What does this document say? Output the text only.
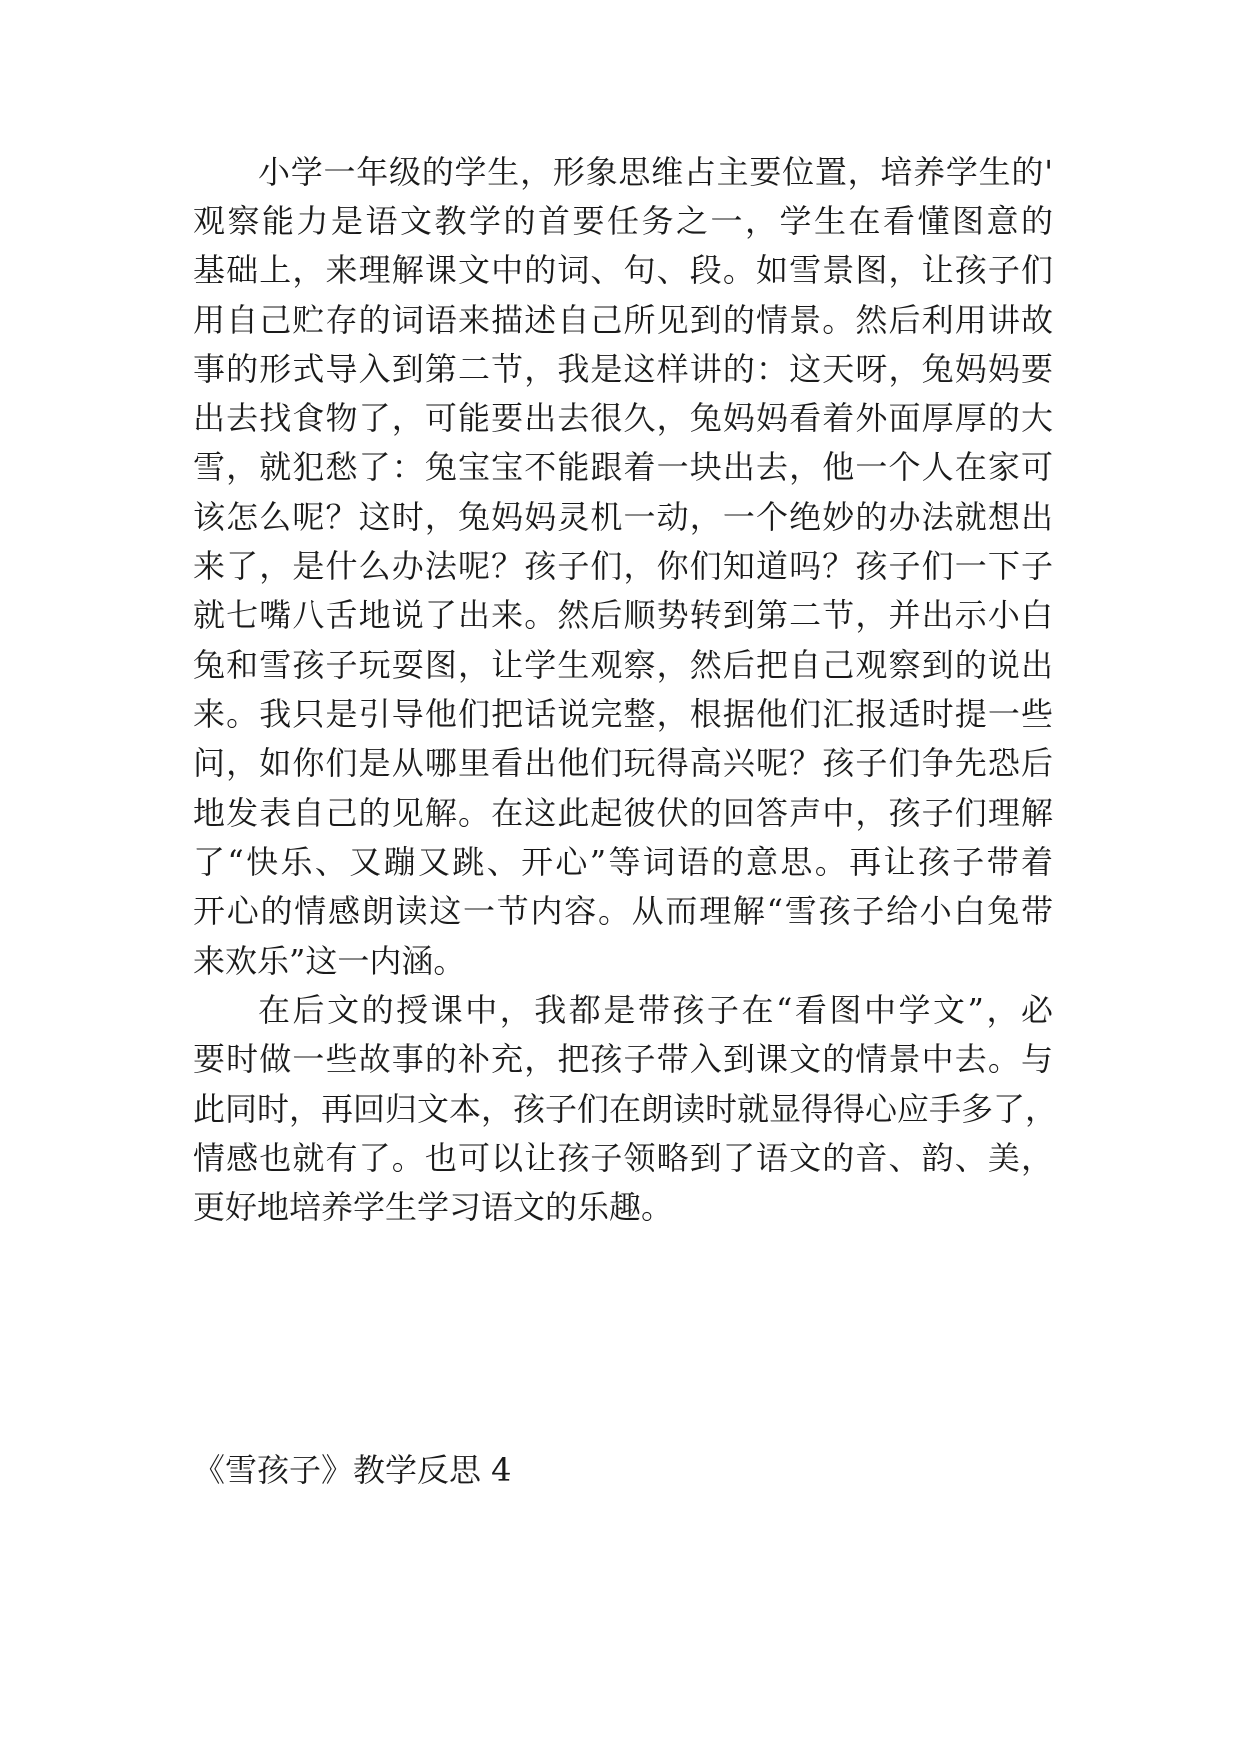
小学一年级的学生，形象思维占主要位置，培养学生的'
观察能力是语文教学的首要任务之一，学生在看懂图意的
基础上，来理解课文中的词、句、段。如雪景图，让孩子们
用自己贮存的词语来描述自己所见到的情景。然后利用讲故
事的形式导入到第二节，我是这样讲的：这天呀，兔妈妈要
出去找食物了，可能要出去很久，兔妈妈看着外面厚厚的大
雪，就犯愁了：兔宝宝不能跟着一块出去，他一个人在家可
该怎么呢？这时，兔妈妈灵机一动，一个绝妙的办法就想出
来了，是什么办法呢？孩子们，你们知道吗？孩子们一下子
就七嘴八舌地说了出来。然后顺势转到第二节，并出示小白
兔和雪孩子玩耍图，让学生观察，然后把自己观察到的说出
来。我只是引导他们把话说完整，根据他们汇报适时提一些
问，如你们是从哪里看出他们玩得高兴呢？孩子们争先恐后
地发表自己的见解。在这此起彼伏的回答声中，孩子们理解
了“快乐、又蹦又跳、开心”等词语的意思。再让孩子带着
开心的情感朗读这一节内容。从而理解“雪孩子给小白兔带
来欢乐”这一内涵。
在后文的授课中，我都是带孩子在“看图中学文”，必
要时做一些故事的补充，把孩子带入到课文的情景中去。与
此同时，再回归文本，孩子们在朗读时就显得得心应手多了，
情感也就有了。也可以让孩子领略到了语文的音、韵、美，
更好地培养学生学习语文的乐趣。
《雪孩子》教学反思 4
